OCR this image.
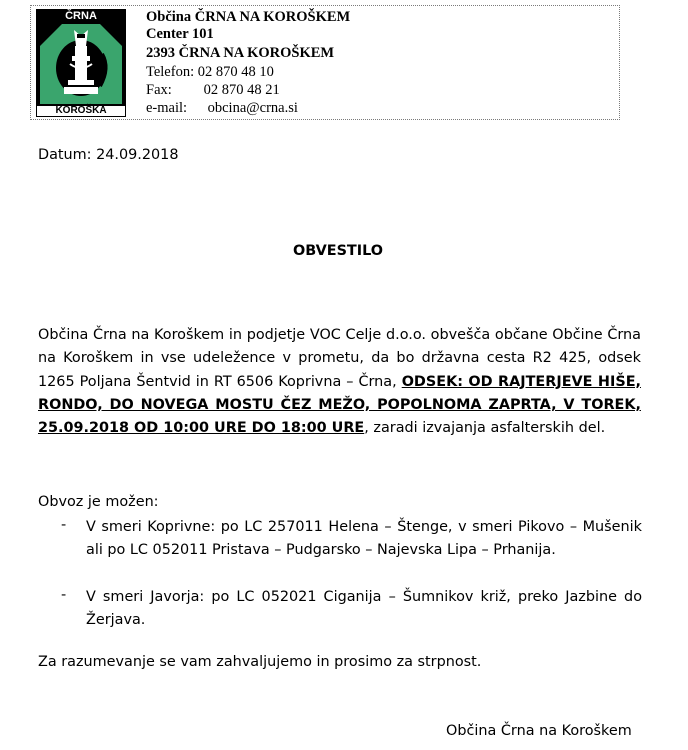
ČRNA
KOROŠKA
Občina ČRNA NA KOROŠKEM
Center 101
2393 ČRNA NA KOROŠKEM
Telefon: 02 870 48 10
Fax: 02 870 48 21
e-mail: obcina@crna.si
Datum: 24.09.2018
OBVESTILO
Občina Črna na Koroškem in podjetje VOC Celje d.o.o. obvešča občane Občine Črna na Koroškem in vse udeležence v prometu, da bo državna cesta R2 425, odsek 1265 Poljana Šentvid in RT 6506 Koprivna – Črna, ODSEK: OD RAJTERJEVE HIŠE, RONDO, DO NOVEGA MOSTU ČEZ MEŽO, POPOLNOMA ZAPRTA, V TOREK, 25.09.2018 OD 10:00 URE DO 18:00 URE, zaradi izvajanja asfalterskih del.
Obvoz je možen:
- V smeri Koprivne: po LC 257011 Helena – Štenge, v smeri Pikovo – Mušenik ali po LC 052011 Pristava – Pudgarsko – Najevska Lipa – Prhanija.
- V smeri Javorja: po LC 052021 Ciganija – Šumnikov križ, preko Jazbine do Žerjava.
Za razumevanje se vam zahvaljujemo in prosimo za strpnost.
Občina Črna na Koroškem
